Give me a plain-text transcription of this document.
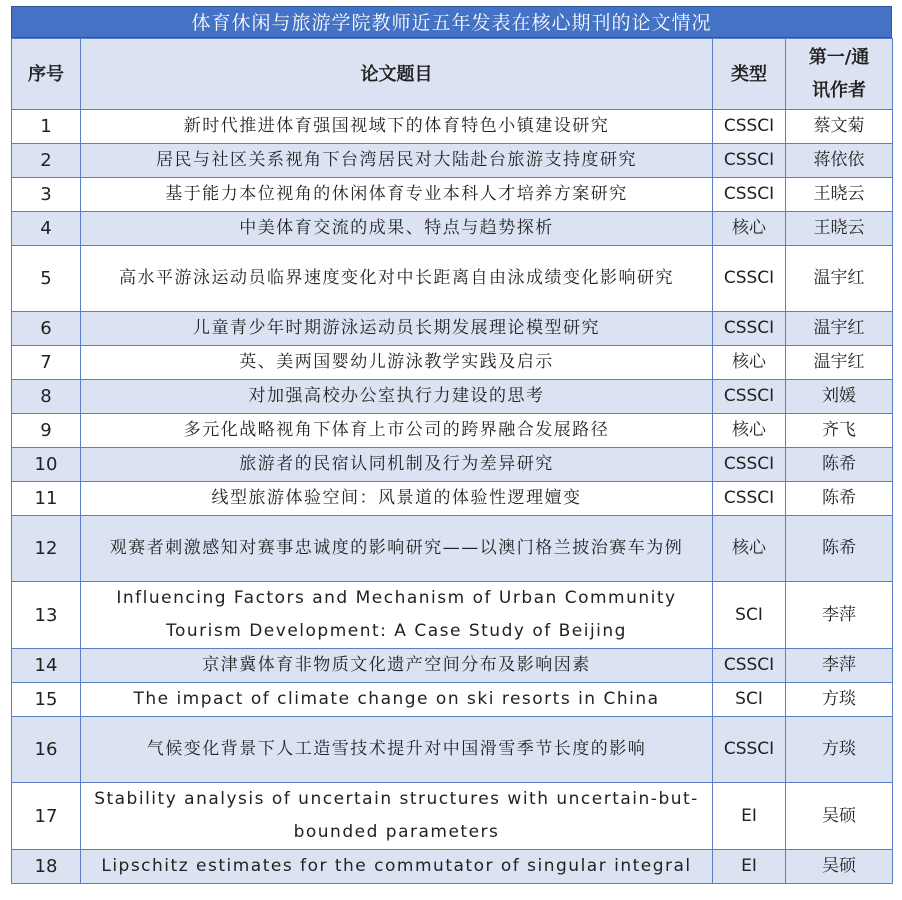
体育休闲与旅游学院教师近五年发表在核心期刊的论文情况
序号	论文题目	类型	第一/通
讯作者

1	新时代推进体育强国视域下的体育特色小镇建设研究	CSSCI	蔡文菊
2	居民与社区关系视角下台湾居民对大陆赴台旅游支持度研究	CSSCI	蒋依依
3	基于能力本位视角的休闲体育专业本科人才培养方案研究	CSSCI	王晓云
4	中美体育交流的成果、特点与趋势探析	核心	王晓云
5	高水平游泳运动员临界速度变化对中长距离自由泳成绩变化影响研究	CSSCI	温宇红
6	儿童青少年时期游泳运动员长期发展理论模型研究	CSSCI	温宇红
7	英、美两国婴幼儿游泳教学实践及启示	核心	温宇红
8	对加强高校办公室执行力建设的思考	CSSCI	刘媛
9	多元化战略视角下体育上市公司的跨界融合发展路径	核心	齐飞
10	旅游者的民宿认同机制及行为差异研究	CSSCI	陈希
11	线型旅游体验空间：风景道的体验性逻理嬗变	CSSCI	陈希
12	观赛者刺激感知对赛事忠诚度的影响研究——以澳门格兰披治赛车为例	核心	陈希
13	Influencing Factors and Mechanism of Urban Community Tourism Development: A Case Study of Beijing	SCI	李萍
14	京津冀体育非物质文化遗产空间分布及影响因素	CSSCI	李萍
15	The impact of climate change on ski resorts in China	SCI	方琰
16	气候变化背景下人工造雪技术提升对中国滑雪季节长度的影响	CSSCI	方琰
17	Stability analysis of uncertain structures with uncertain-but-bounded parameters	EI	吴硕
18	Lipschitz estimates for the commutator of singular integral	EI	吴硕
